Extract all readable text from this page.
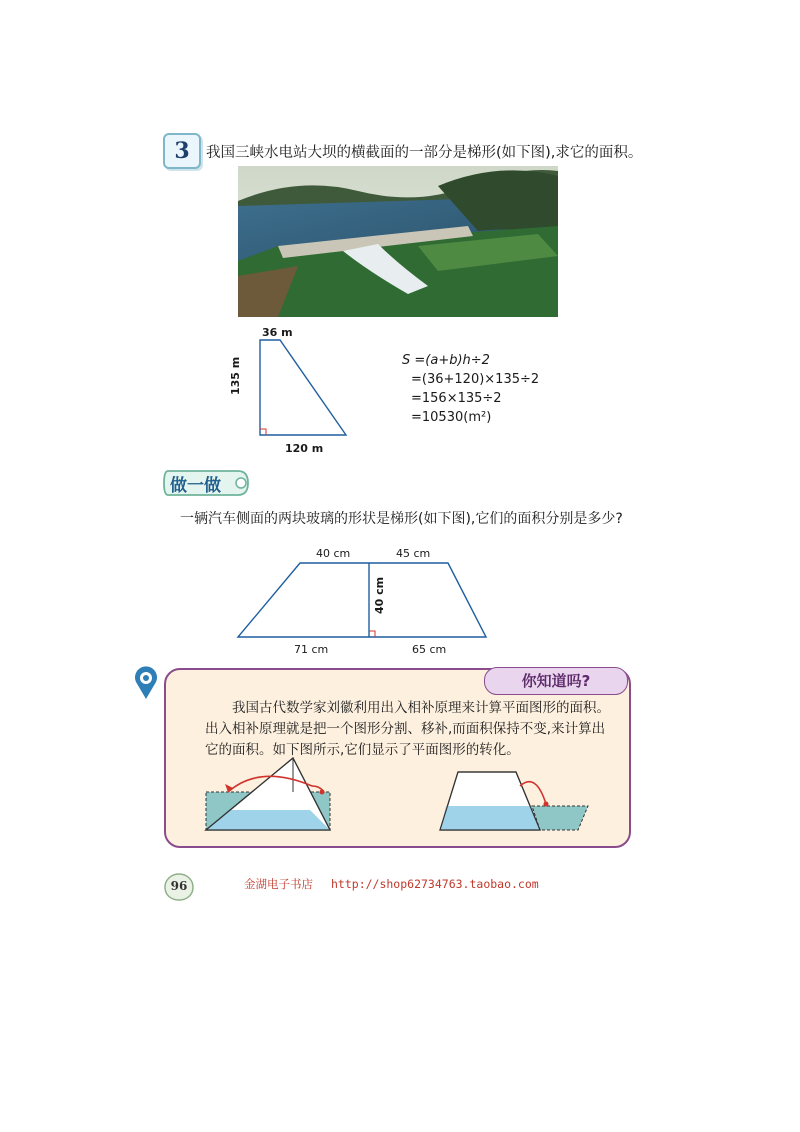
3	我国三峡水电站大坝的横截面的一部分是梯形(如下图),求它的面积。
36 m
135 m
120 m
S =(a+b)h÷2
=(36+120)×135÷2
=156×135÷2
=10530(m²)
做一做
一辆汽车侧面的两块玻璃的形状是梯形(如下图),它们的面积分别是多少?
40 cm	45 cm
40 cm
71 cm	65 cm
你知道吗?
我国古代数学家刘徽利用出入相补原理来计算平面图形的面积。出入相补原理就是把一个图形分割、移补,而面积保持不变,来计算出它的面积。如下图所示,它们显示了平面图形的转化。
96	金湖电子书店 http://shop62734763.taobao.com
